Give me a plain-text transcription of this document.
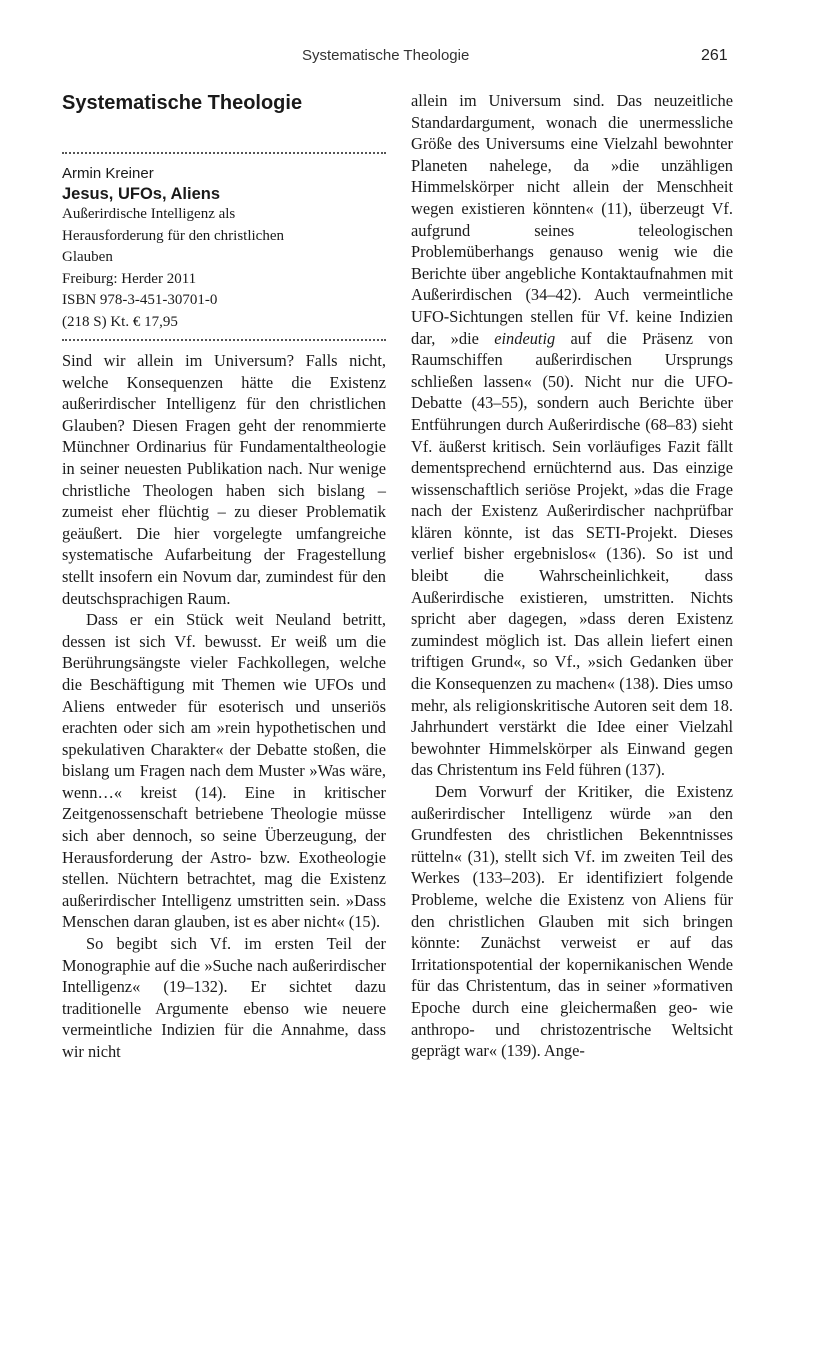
Systematische Theologie	261
Systematische Theologie
Armin Kreiner
Jesus, UFOs, Aliens
Außerirdische Intelligenz als
Herausforderung für den christlichen
Glauben
Freiburg: Herder 2011
ISBN 978-3-451-30701-0
(218 S) Kt. € 17,95

Sind wir allein im Universum? Falls nicht, welche Konsequenzen hätte die Existenz außerirdischer Intelligenz für den christlichen Glauben? Diesen Fragen geht der renommierte Münchner Ordinarius für Fundamentaltheologie in seiner neuesten Publikation nach. Nur wenige christliche Theologen haben sich bislang – zumeist eher flüchtig – zu dieser Problematik geäußert. Die hier vorgelegte umfangreiche systematische Aufarbeitung der Fragestellung stellt insofern ein Novum dar, zumindest für den deutschsprachigen Raum.

Dass er ein Stück weit Neuland betritt, dessen ist sich Vf. bewusst. Er weiß um die Berührungsängste vieler Fachkollegen, welche die Beschäftigung mit Themen wie UFOs und Aliens entweder für esoterisch und unseriös erachten oder sich am »rein hypothetischen und spekulativen Charakter« der Debatte stoßen, die bislang um Fragen nach dem Muster »Was wäre, wenn…« kreist (14). Eine in kritischer Zeitgenossenschaft betriebene Theologie müsse sich aber dennoch, so seine Überzeugung, der Herausforderung der Astro- bzw. Exotheologie stellen. Nüchtern betrachtet, mag die Existenz außerirdischer Intelligenz umstritten sein. »Dass Menschen daran glauben, ist es aber nicht« (15).

So begibt sich Vf. im ersten Teil der Monographie auf die »Suche nach außerirdischer Intelligenz« (19–132). Er sichtet dazu traditionelle Argumente ebenso wie neuere vermeintliche Indizien für die Annahme, dass wir nicht

allein im Universum sind. Das neuzeitliche Standardargument, wonach die unermessliche Größe des Universums eine Vielzahl bewohnter Planeten nahelege, da »die unzähligen Himmelskörper nicht allein der Menschheit wegen existieren könnten« (11), überzeugt Vf. aufgrund seines teleologischen Problemüberhangs genauso wenig wie die Berichte über angebliche Kontaktaufnahmen mit Außerirdischen (34–42). Auch vermeintliche UFO-Sichtungen stellen für Vf. keine Indizien dar, »die eindeutig auf die Präsenz von Raumschiffen außerirdischen Ursprungs schließen lassen« (50). Nicht nur die UFO-Debatte (43–55), sondern auch Berichte über Entführungen durch Außerirdische (68–83) sieht Vf. äußerst kritisch. Sein vorläufiges Fazit fällt dementsprechend ernüchternd aus. Das einzige wissenschaftlich seriöse Projekt, »das die Frage nach der Existenz Außerirdischer nachprüfbar klären könnte, ist das SETI-Projekt. Dieses verlief bisher ergebnislos« (136). So ist und bleibt die Wahrscheinlichkeit, dass Außerirdische existieren, umstritten. Nichts spricht aber dagegen, »dass deren Existenz zumindest möglich ist. Das allein liefert einen triftigen Grund«, so Vf., »sich Gedanken über die Konsequenzen zu machen« (138). Dies umso mehr, als religionskritische Autoren seit dem 18. Jahrhundert verstärkt die Idee einer Vielzahl bewohnter Himmelskörper als Einwand gegen das Christentum ins Feld führen (137).

Dem Vorwurf der Kritiker, die Existenz außerirdischer Intelligenz würde »an den Grundfesten des christlichen Bekenntnisses rütteln« (31), stellt sich Vf. im zweiten Teil des Werkes (133–203). Er identifiziert folgende Probleme, welche die Existenz von Aliens für den christlichen Glauben mit sich bringen könnte: Zunächst verweist er auf das Irritationspotential der kopernikanischen Wende für das Christentum, das in seiner »formativen Epoche durch eine gleichermaßen geo- wie anthropo- und christozentrische Weltsicht geprägt war« (139). Ange-
